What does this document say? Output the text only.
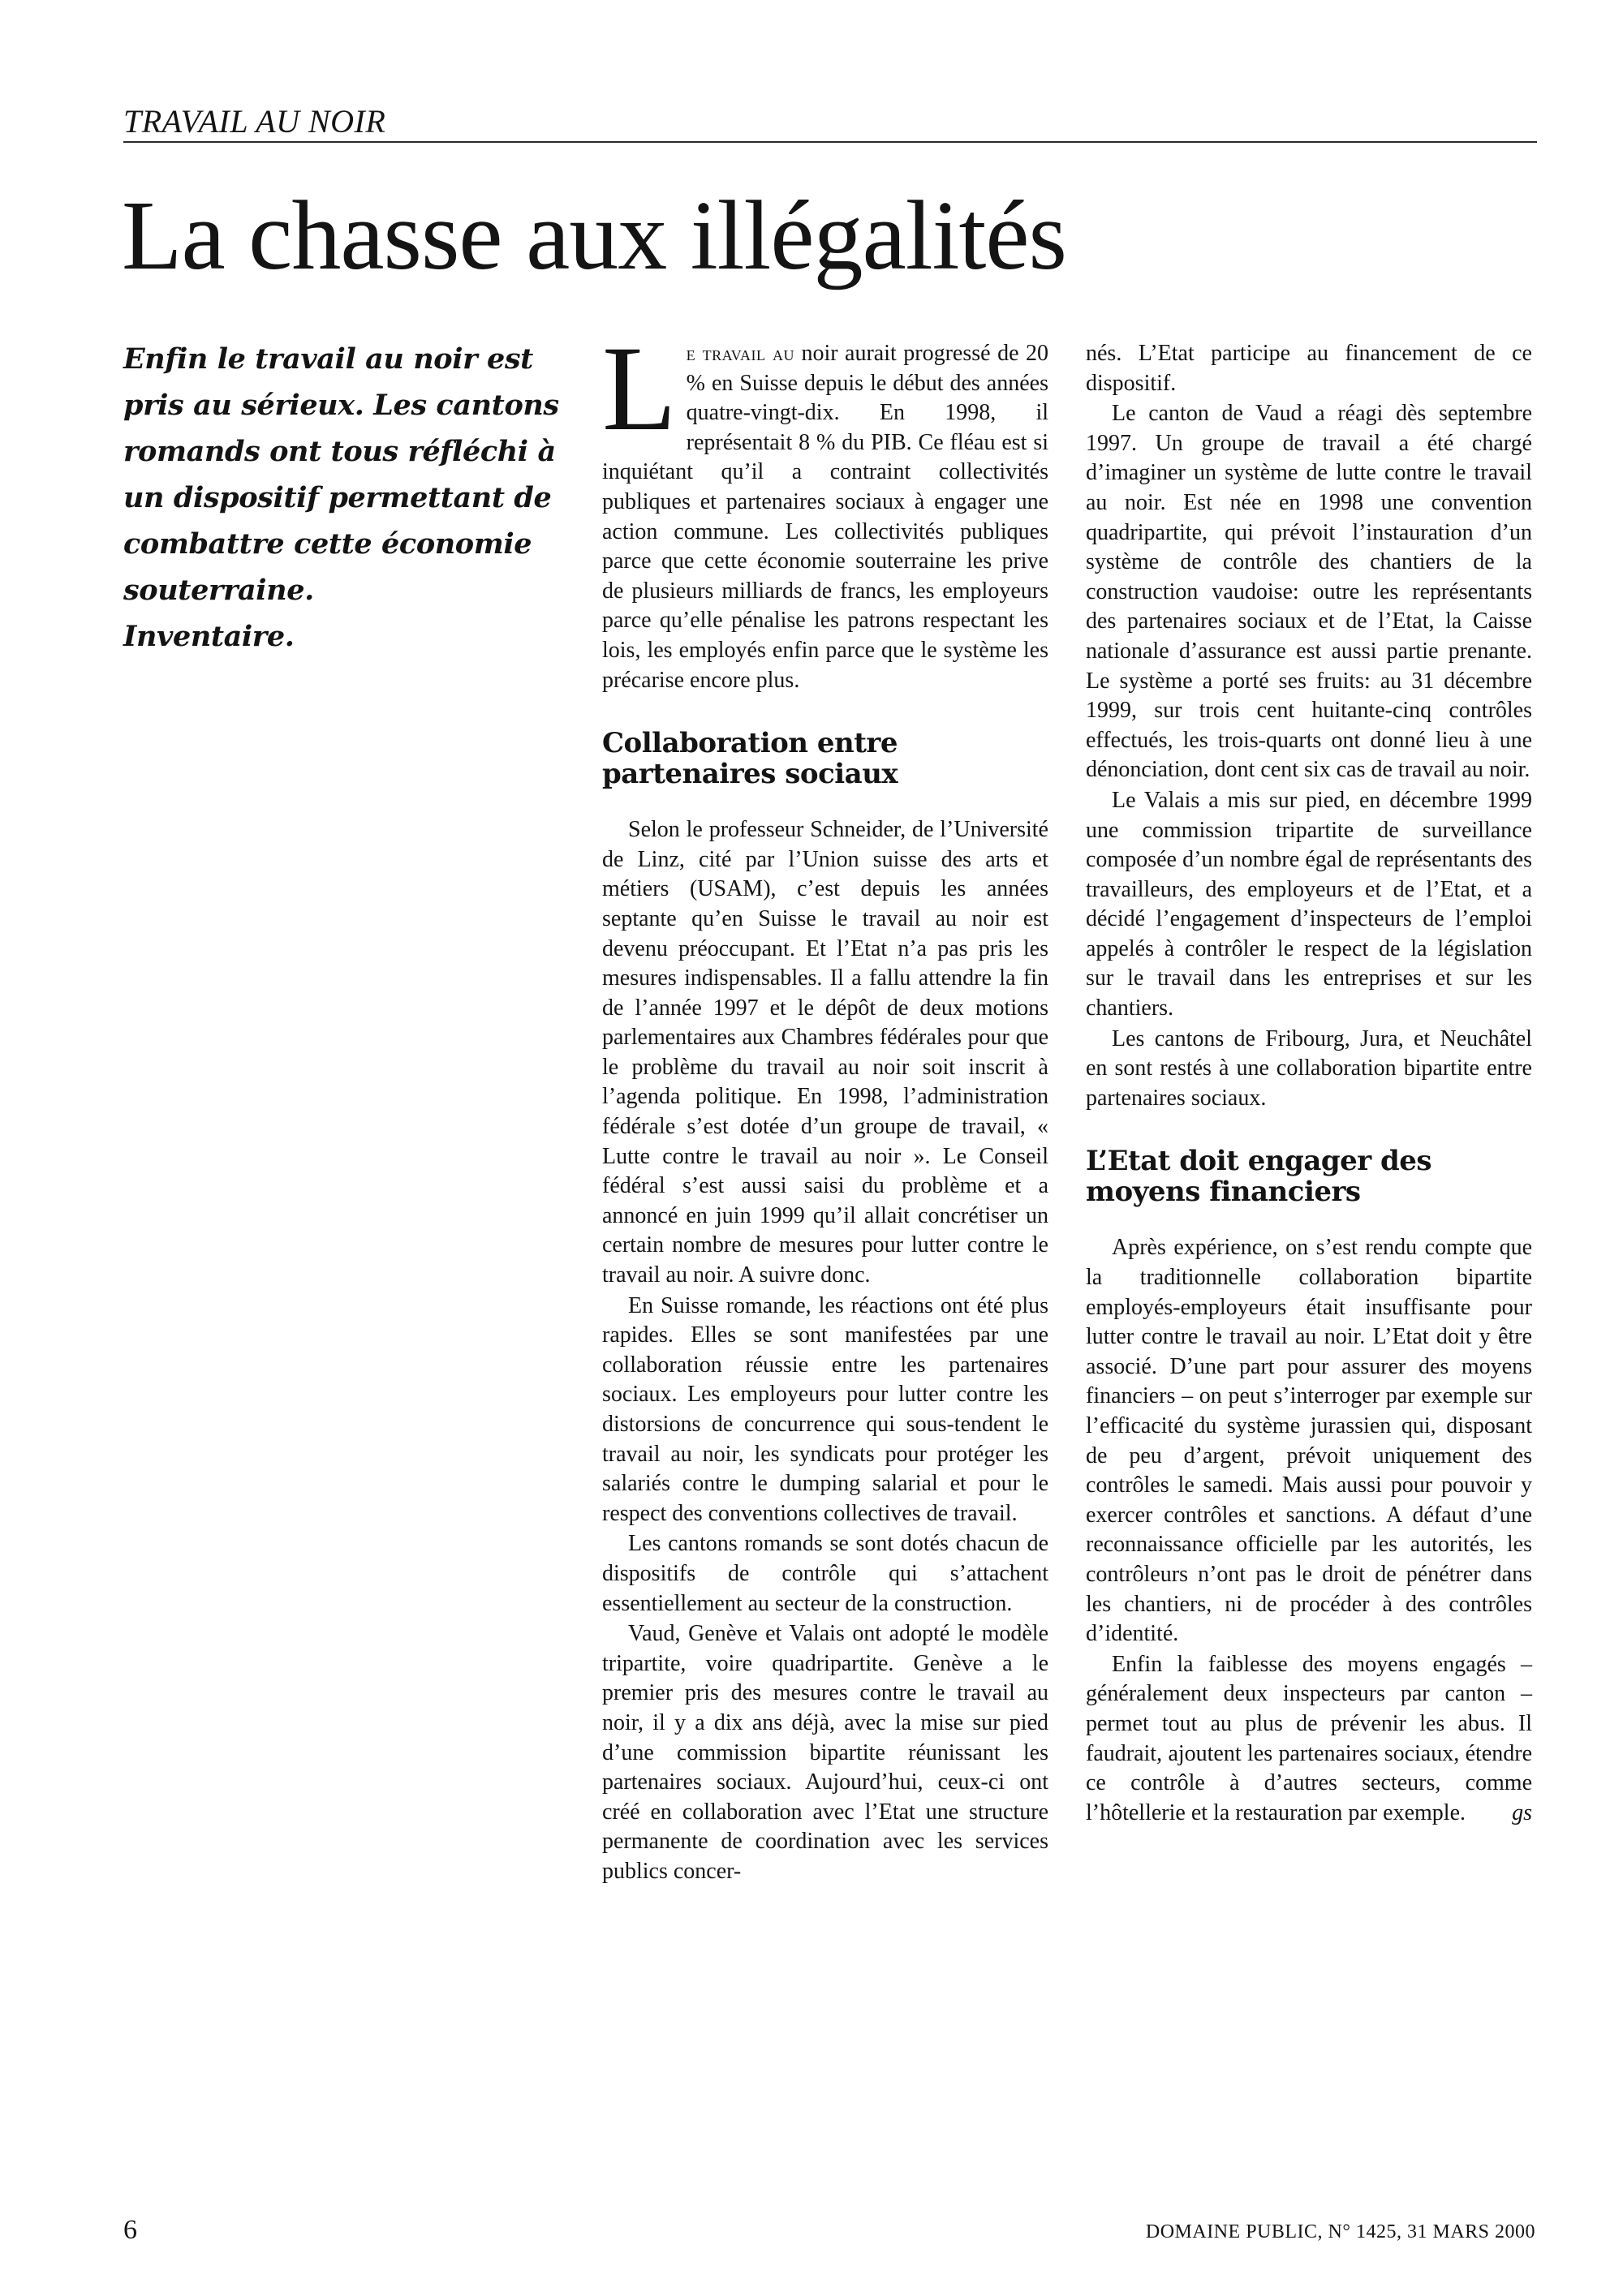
TRAVAIL AU NOIR
La chasse aux illégalités
Enfin le travail au noir est pris au sérieux. Les cantons romands ont tous réfléchi à un dispositif permettant de combattre cette économie souterraine.
Inventaire.

Le travail au noir aurait progressé de 20 % en Suisse depuis le début des années quatre-vingt-dix. En 1998, il représentait 8 % du PIB. Ce fléau est si inquiétant qu’il a contraint collectivités publiques et partenaires sociaux à engager une action commune. Les collectivités publiques parce que cette économie souterraine les prive de plusieurs milliards de francs, les employeurs parce qu’elle pénalise les patrons respectant les lois, les employés enfin parce que le système les précarise encore plus.

Collaboration entre partenaires sociaux

Selon le professeur Schneider, de l’Université de Linz, cité par l’Union suisse des arts et métiers (USAM), c’est depuis les années septante qu’en Suisse le travail au noir est devenu préoccupant. Et l’Etat n’a pas pris les mesures indispensables. Il a fallu attendre la fin de l’année 1997 et le dépôt de deux motions parlementaires aux Chambres fédérales pour que le problème du travail au noir soit inscrit à l’agenda politique. En 1998, l’administration fédérale s’est dotée d’un groupe de travail, « Lutte contre le travail au noir ». Le Conseil fédéral s’est aussi saisi du problème et a annoncé en juin 1999 qu’il allait concrétiser un certain nombre de mesures pour lutter contre le travail au noir. A suivre donc.

En Suisse romande, les réactions ont été plus rapides. Elles se sont manifestées par une collaboration réussie entre les partenaires sociaux. Les employeurs pour lutter contre les distorsions de concurrence qui sous-tendent le travail au noir, les syndicats pour protéger les salariés contre le dumping salarial et pour le respect des conventions collectives de travail.

Les cantons romands se sont dotés chacun de dispositifs de contrôle qui s’attachent essentiellement au secteur de la construction.

Vaud, Genève et Valais ont adopté le modèle tripartite, voire quadripartite. Genève a le premier pris des mesures contre le travail au noir, il y a dix ans déjà, avec la mise sur pied d’une commission bipartite réunissant les partenaires sociaux. Aujourd’hui, ceux-ci ont créé en collaboration avec l’Etat une structure permanente de coordination avec les services publics concer-

nés. L’Etat participe au financement de ce dispositif.

Le canton de Vaud a réagi dès septembre 1997. Un groupe de travail a été chargé d’imaginer un système de lutte contre le travail au noir. Est née en 1998 une convention quadripartite, qui prévoit l’instauration d’un système de contrôle des chantiers de la construction vaudoise: outre les représentants des partenaires sociaux et de l’Etat, la Caisse nationale d’assurance est aussi partie prenante. Le système a porté ses fruits: au 31 décembre 1999, sur trois cent huitante-cinq contrôles effectués, les trois-quarts ont donné lieu à une dénonciation, dont cent six cas de travail au noir.

Le Valais a mis sur pied, en décembre 1999 une commission tripartite de surveillance composée d’un nombre égal de représentants des travailleurs, des employeurs et de l’Etat, et a décidé l’engagement d’inspecteurs de l’emploi appelés à contrôler le respect de la législation sur le travail dans les entreprises et sur les chantiers.

Les cantons de Fribourg, Jura, et Neuchâtel en sont restés à une collaboration bipartite entre partenaires sociaux.

L’Etat doit engager des moyens financiers

Après expérience, on s’est rendu compte que la traditionnelle collaboration bipartite employés-employeurs était insuffisante pour lutter contre le travail au noir. L’Etat doit y être associé. D’une part pour assurer des moyens financiers – on peut s’interroger par exemple sur l’efficacité du système jurassien qui, disposant de peu d’argent, prévoit uniquement des contrôles le samedi. Mais aussi pour pouvoir y exercer contrôles et sanctions. A défaut d’une reconnaissance officielle par les autorités, les contrôleurs n’ont pas le droit de pénétrer dans les chantiers, ni de procéder à des contrôles d’identité.

Enfin la faiblesse des moyens engagés – généralement deux inspecteurs par canton – permet tout au plus de prévenir les abus. Il faudrait, ajoutent les partenaires sociaux, étendre ce contrôle à d’autres secteurs, comme l’hôtellerie et la restauration par exemple.	gs

6	DOMAINE PUBLIC, N° 1425, 31 MARS 2000
